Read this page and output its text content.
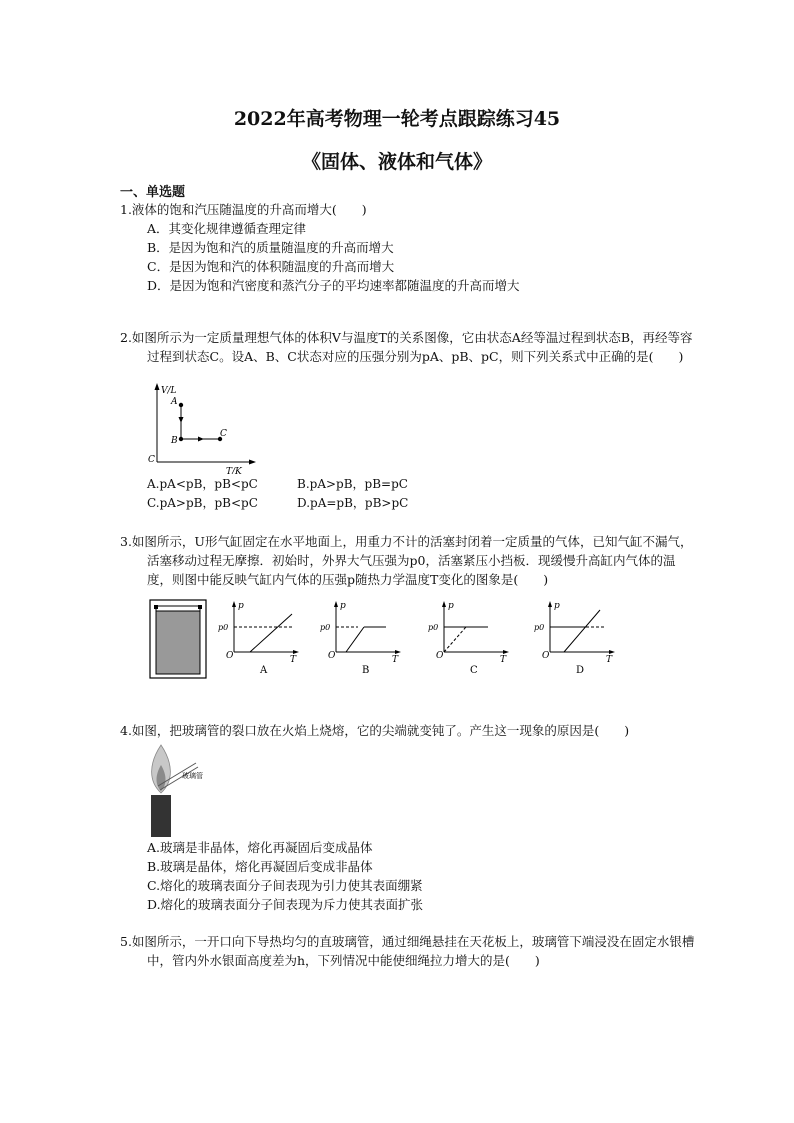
2022年高考物理一轮考点跟踪练习45
《固体、液体和气体》
一、单选题
1.液体的饱和汽压随温度的升高而增大(　　)
A．其变化规律遵循查理定律
B．是因为饱和汽的质量随温度的升高而增大
C．是因为饱和汽的体积随温度的升高而增大
D．是因为饱和汽密度和蒸汽分子的平均速率都随温度的升高而增大
2.如图所示为一定质量理想气体的体积V与温度T的关系图像，它由状态A经等温过程到状态B，再经等容过程到状态C。设A、B、C状态对应的压强分别为pA、pB、pC，则下列关系式中正确的是(　　)
V/L
T/K
C
A
B
C
A.pA<pB，pB<pC	B.pA>pB，pB=pC
C.pA>pB，pB<pC	D.pA=pB，pB>pC
3.如图所示，U形气缸固定在水平地面上，用重力不计的活塞封闭着一定质量的气体，已知气缸不漏气，活塞移动过程无摩擦．初始时，外界大气压强为p0，活塞紧压小挡板．现缓慢升高缸内气体的温度，则图中能反映气缸内气体的压强p随热力学温度T变化的图象是(　　)
p
p0
O	T
A
p
p0
O	T
B
p
p0
O	T
C
p
p0
O	T
D
4.如图，把玻璃管的裂口放在火焰上烧熔，它的尖端就变钝了。产生这一现象的原因是(　　)
玻璃管
A.玻璃是非晶体，熔化再凝固后变成晶体
B.玻璃是晶体，熔化再凝固后变成非晶体
C.熔化的玻璃表面分子间表现为引力使其表面绷紧
D.熔化的玻璃表面分子间表现为斥力使其表面扩张
5.如图所示，一开口向下导热均匀的直玻璃管，通过细绳悬挂在天花板上，玻璃管下端浸没在固定水银槽中，管内外水银面高度差为h，下列情况中能使细绳拉力增大的是(　　)
